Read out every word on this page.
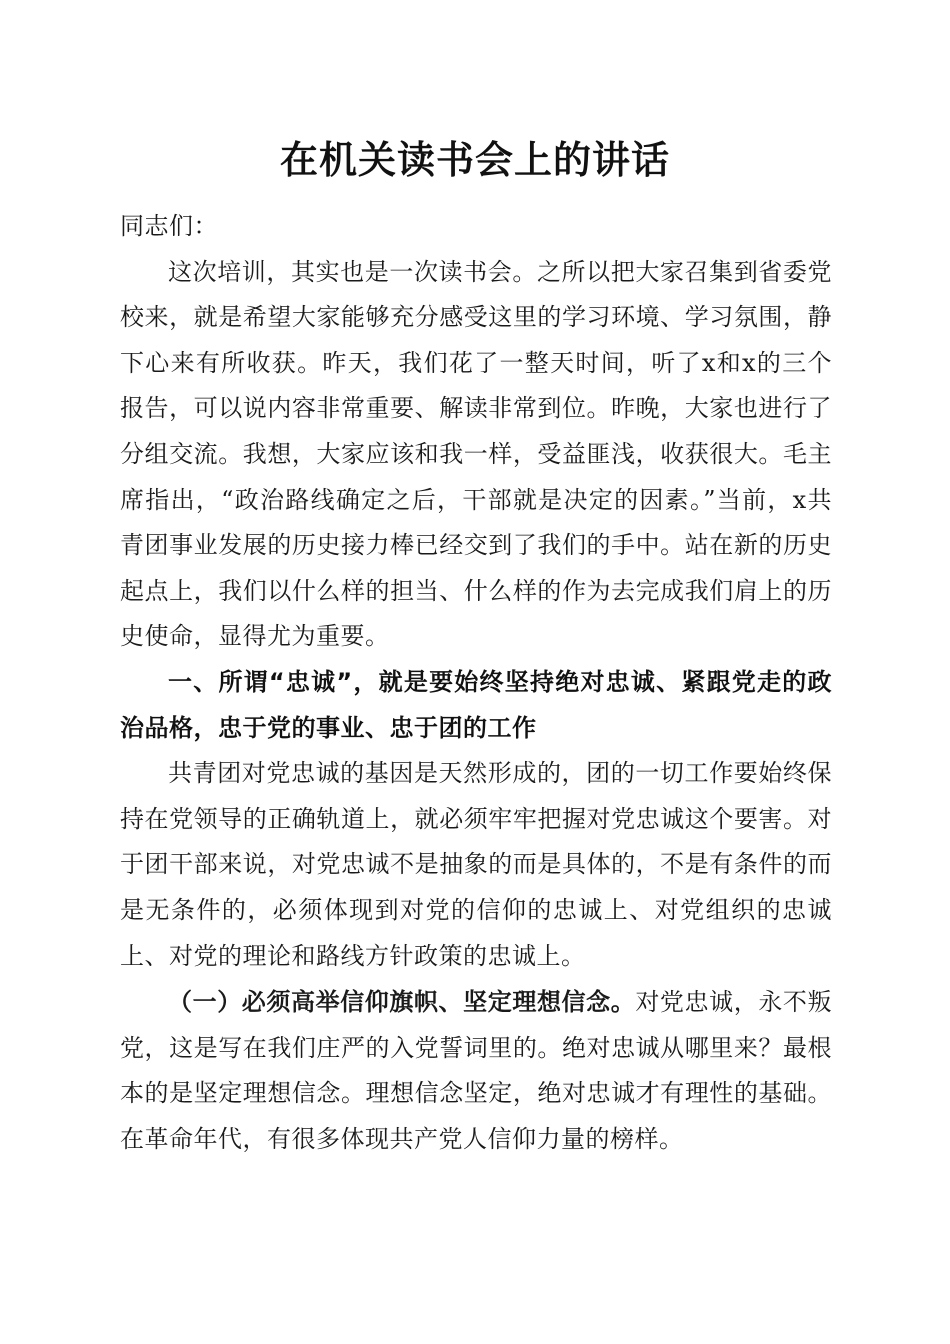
在机关读书会上的讲话

同志们：

这次培训，其实也是一次读书会。之所以把大家召集到省委党校来，就是希望大家能够充分感受这里的学习环境、学习氛围，静下心来有所收获。昨天，我们花了一整天时间，听了x和x的三个报告，可以说内容非常重要、解读非常到位。昨晚，大家也进行了分组交流。我想，大家应该和我一样，受益匪浅，收获很大。毛主席指出，“政治路线确定之后，干部就是决定的因素。”当前，x共青团事业发展的历史接力棒已经交到了我们的手中。站在新的历史起点上，我们以什么样的担当、什么样的作为去完成我们肩上的历史使命，显得尤为重要。

一、所谓“忠诚”，就是要始终坚持绝对忠诚、紧跟党走的政治品格，忠于党的事业、忠于团的工作

共青团对党忠诚的基因是天然形成的，团的一切工作要始终保持在党领导的正确轨道上，就必须牢牢把握对党忠诚这个要害。对于团干部来说，对党忠诚不是抽象的而是具体的，不是有条件的而是无条件的，必须体现到对党的信仰的忠诚上、对党组织的忠诚上、对党的理论和路线方针政策的忠诚上。

（一）必须高举信仰旗帜、坚定理想信念。对党忠诚，永不叛党，这是写在我们庄严的入党誓词里的。绝对忠诚从哪里来？最根本的是坚定理想信念。理想信念坚定，绝对忠诚才有理性的基础。在革命年代，有很多体现共产党人信仰力量的榜样。
